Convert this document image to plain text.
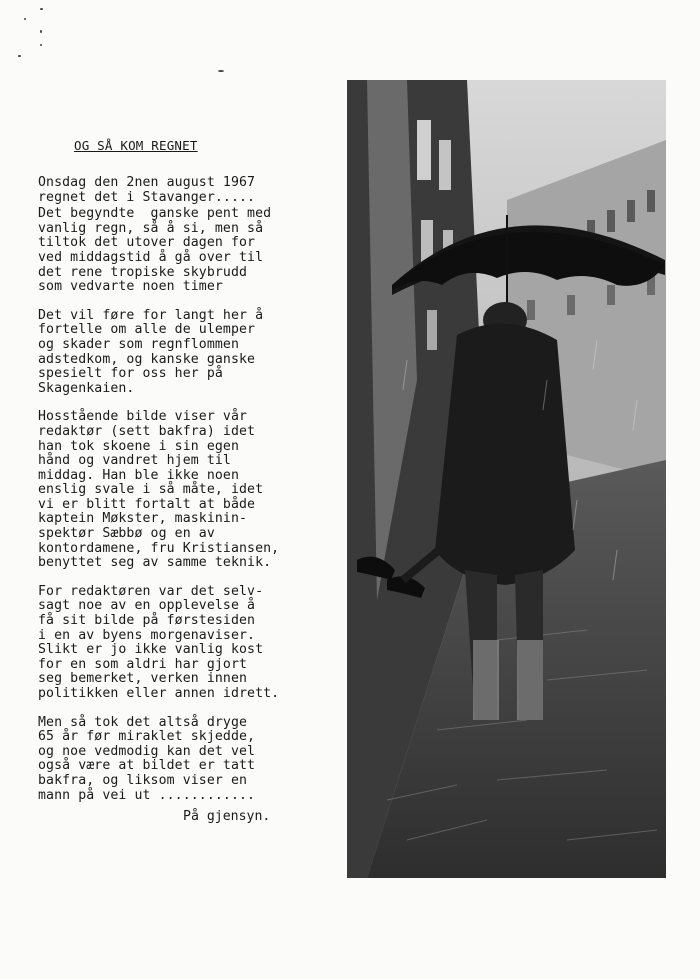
OG SÅ KOM REGNET

Onsdag den 2nen august 1967
regnet det i Stavanger.....

Det begyndte  ganske pent med
vanlig regn, så å si, men så
tiltok det utover dagen for
ved middagstid å gå over til
det rene tropiske skybrudd
som vedvarte noen timer

Det vil føre for langt her å
fortelle om alle de ulemper
og skader som regnflommen
adstedkom, og kanske ganske
spesielt for oss her på
Skagenkaien.

Hosstående bilde viser vår
redaktør (sett bakfra) idet
han tok skoene i sin egen
hånd og vandret hjem til
middag. Han ble ikke noen
enslig svale i så måte, idet
vi er blitt fortalt at både
kaptein Møkster, maskinin-
spektør Sæbbø og en av
kontordamene, fru Kristiansen,
benyttet seg av samme teknik.

For redaktøren var det selv-
sagt noe av en opplevelse å
få sit bilde på førstesiden
i en av byens morgenaviser.
Slikt er jo ikke vanlig kost
for en som aldri har gjort
seg bemerket, verken innen
politikken eller annen idrett.

Men så tok det altså dryge
65 år før miraklet skjedde,
og noe vedmodig kan det vel
også være at bildet er tatt
bakfra, og liksom viser en
mann på vei ut ............

På gjensyn.
